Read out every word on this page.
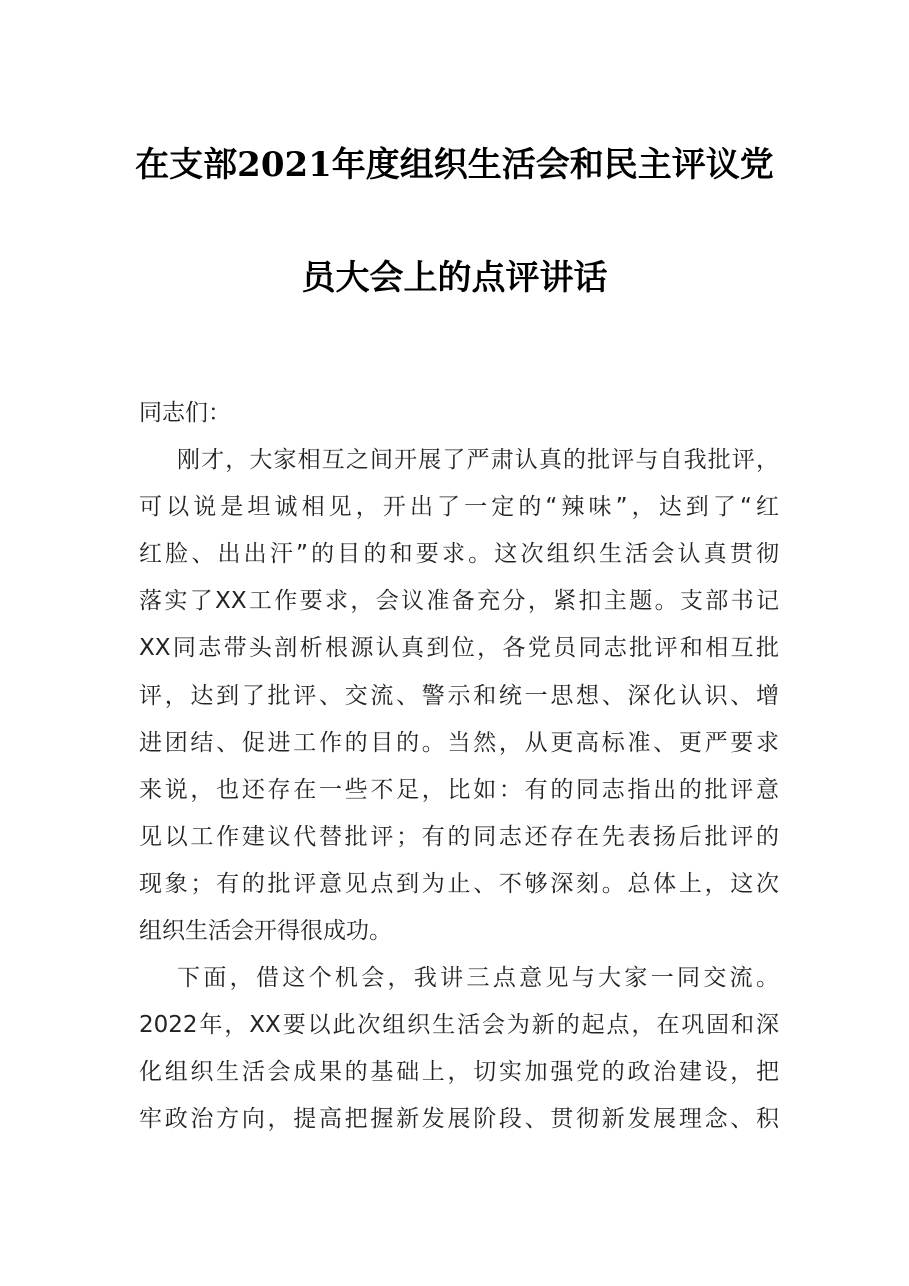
在支部2021年度组织生活会和民主评议党
员大会上的点评讲话
同志们：
刚才，大家相互之间开展了严肃认真的批评与自我批评，
可以说是坦诚相见，开出了一定的“辣味”，达到了“红
红脸、出出汗”的目的和要求。这次组织生活会认真贯彻
落实了XX工作要求，会议准备充分，紧扣主题。支部书记
XX同志带头剖析根源认真到位，各党员同志批评和相互批
评，达到了批评、交流、警示和统一思想、深化认识、增
进团结、促进工作的目的。当然，从更高标准、更严要求
来说，也还存在一些不足，比如：有的同志指出的批评意
见以工作建议代替批评；有的同志还存在先表扬后批评的
现象；有的批评意见点到为止、不够深刻。总体上，这次
组织生活会开得很成功。
下面，借这个机会，我讲三点意见与大家一同交流。
2022年，XX要以此次组织生活会为新的起点，在巩固和深
化组织生活会成果的基础上，切实加强党的政治建设，把
牢政治方向，提高把握新发展阶段、贯彻新发展理念、积
